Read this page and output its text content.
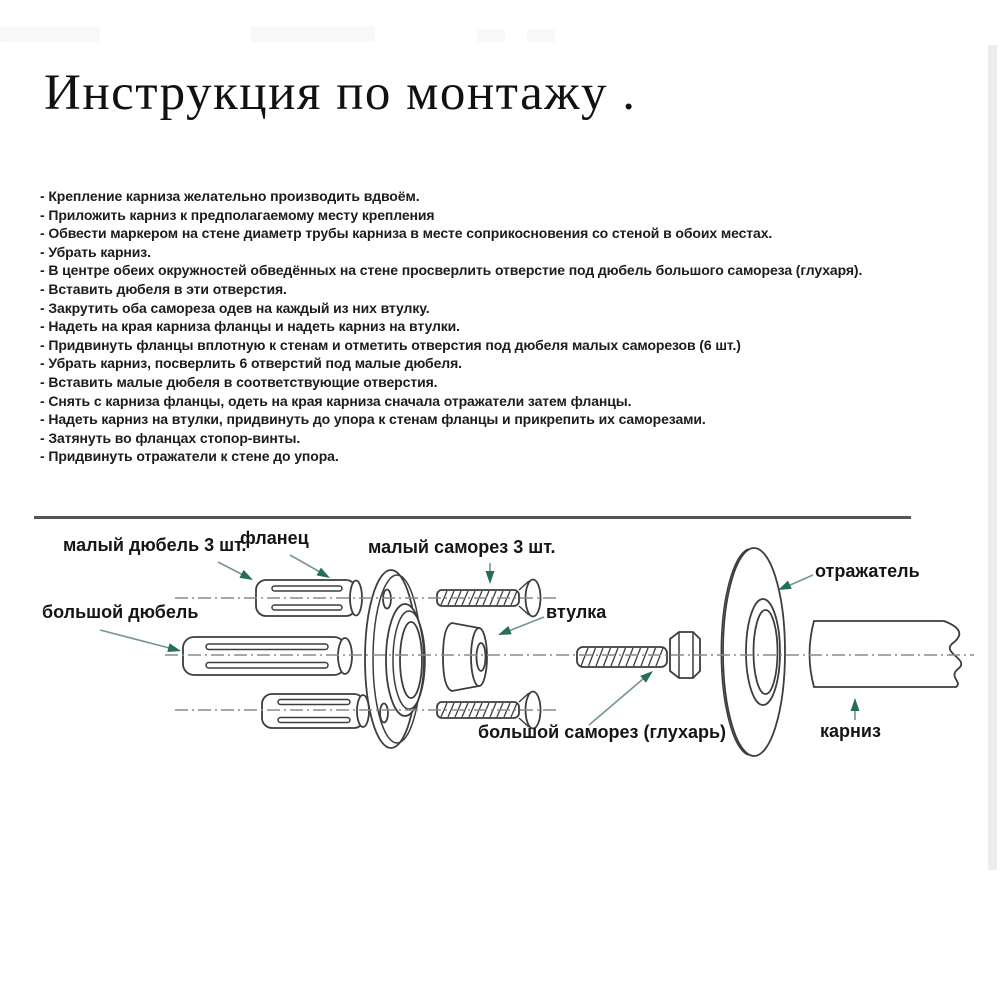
Инструкция по монтажу .
- Крепление карниза желательно производить вдвоём.
- Приложить карниз к предполагаемому месту крепления
- Обвести маркером на стене диаметр трубы карниза в месте соприкосновения со стеной в обоих местах.
- Убрать карниз.
- В центре обеих окружностей обведённых на стене просверлить отверстие под дюбель большого самореза (глухаря).
- Вставить дюбеля в эти отверстия.
- Закрутить оба самореза одев на каждый из них втулку.
- Надеть на края карниза фланцы и надеть карниз на втулки.
- Придвинуть фланцы вплотную к стенам и отметить отверстия под дюбеля малых саморезов (6 шт.)
- Убрать карниз, посверлить 6 отверстий под малые дюбеля.
- Вставить малые дюбеля в соответствующие отверстия.
- Снять с карниза фланцы, одеть на края карниза сначала отражатели затем фланцы.
- Надеть карниз на втулки, придвинуть до упора к стенам фланцы и прикрепить их саморезами.
- Затянуть во фланцах стопор-винты.
- Придвинуть отражатели к стене до упора.
малый дюбель 3 шт.
фланец	малый саморез 3 шт.
большой дюбель	втулка
отражатель
большой саморез (глухарь)	карниз
